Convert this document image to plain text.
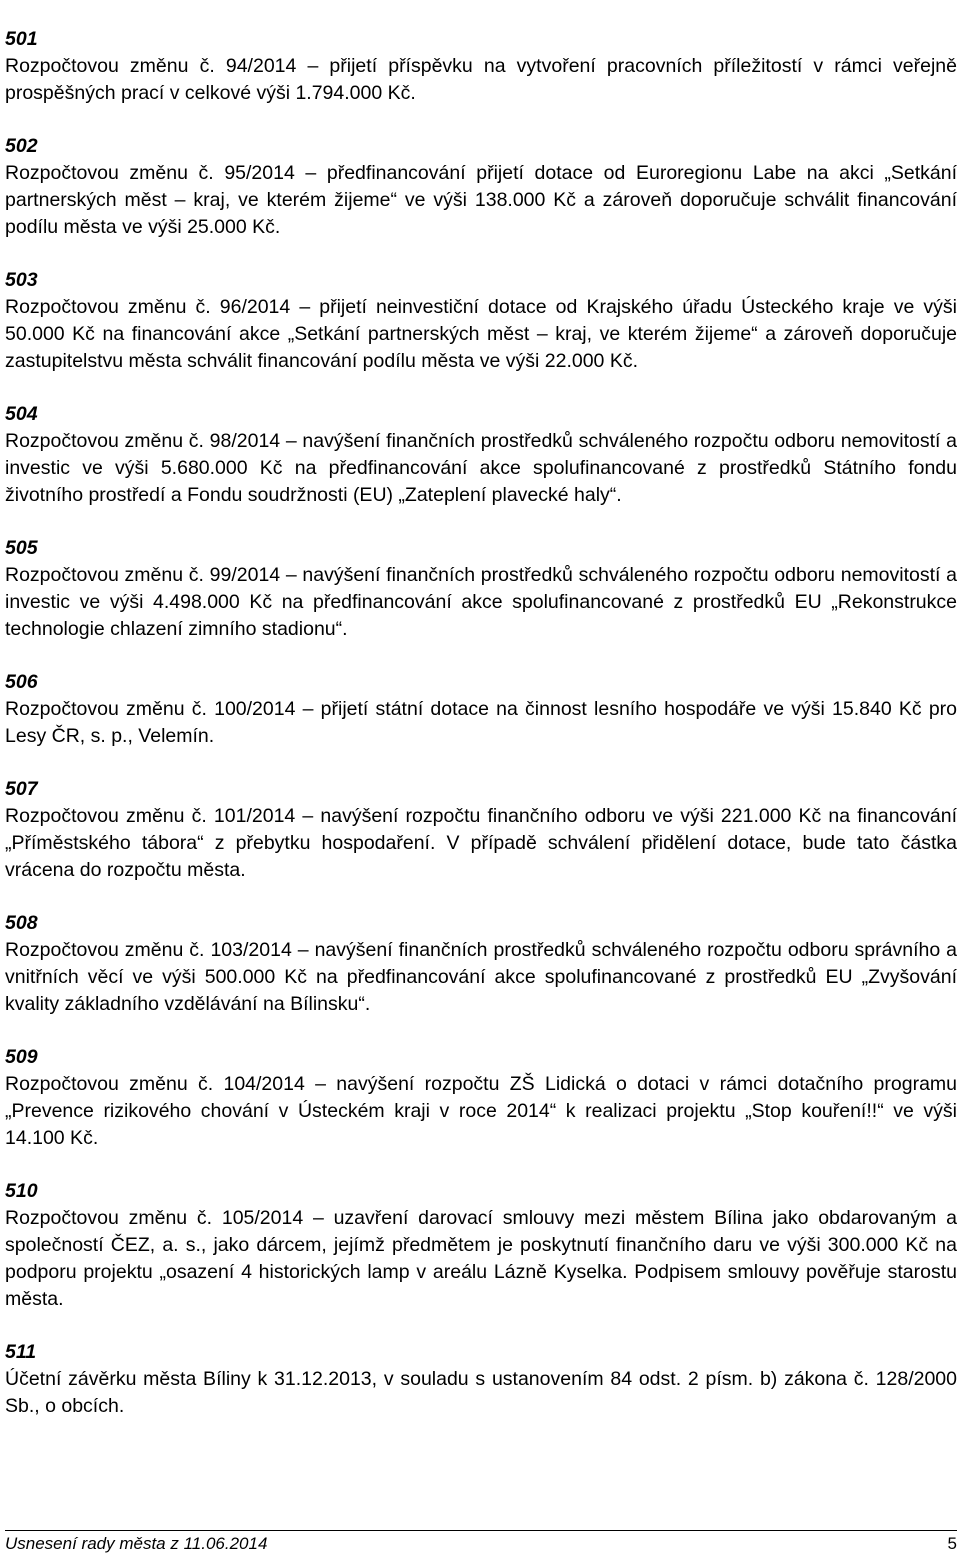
501

Rozpočtovou změnu č. 94/2014 – přijetí příspěvku na vytvoření pracovních příležitostí v rámci veřejně prospěšných prací v celkové výši 1.794.000 Kč.

502

Rozpočtovou změnu č. 95/2014 – předfinancování přijetí dotace od Euroregionu Labe na akci „Setkání partnerských měst – kraj, ve kterém žijeme“ ve výši 138.000 Kč a zároveň doporučuje schválit financování podílu města ve výši 25.000 Kč.

503

Rozpočtovou změnu č. 96/2014 – přijetí neinvestiční dotace od Krajského úřadu Ústeckého kraje ve výši 50.000 Kč na financování akce „Setkání partnerských měst – kraj, ve kterém žijeme“ a zároveň doporučuje zastupitelstvu města schválit financování podílu města ve výši 22.000 Kč.

504

Rozpočtovou změnu č. 98/2014 – navýšení finančních prostředků schváleného rozpočtu odboru nemovitostí a investic ve výši 5.680.000 Kč na předfinancování akce spolufinancované z prostředků Státního fondu životního prostředí a Fondu soudržnosti (EU) „Zateplení plavecké haly“.

505

Rozpočtovou změnu č. 99/2014 – navýšení finančních prostředků schváleného rozpočtu odboru nemovitostí a investic ve výši 4.498.000 Kč na předfinancování akce spolufinancované z prostředků EU „Rekonstrukce technologie chlazení zimního stadionu“.

506

Rozpočtovou změnu č. 100/2014 – přijetí státní dotace na činnost lesního hospodáře ve výši 15.840 Kč pro Lesy ČR, s. p., Velemín.

507

Rozpočtovou změnu č. 101/2014 – navýšení rozpočtu finančního odboru ve výši 221.000 Kč na financování „Příměstského tábora“ z přebytku hospodaření. V případě schválení přidělení dotace, bude tato částka vrácena do rozpočtu města.

508

Rozpočtovou změnu č. 103/2014 – navýšení finančních prostředků schváleného rozpočtu odboru správního a vnitřních věcí ve výši 500.000 Kč na předfinancování akce spolufinancované z prostředků EU „Zvyšování kvality základního vzdělávání na Bílinsku“.

509

Rozpočtovou změnu č. 104/2014 – navýšení rozpočtu ZŠ Lidická o dotaci v rámci dotačního programu „Prevence rizikového chování v Ústeckém kraji v roce 2014“ k realizaci projektu „Stop kouření!!“ ve výši 14.100 Kč.

510

Rozpočtovou změnu č. 105/2014 – uzavření darovací smlouvy mezi městem Bílina jako obdarovaným a společností ČEZ, a. s., jako dárcem, jejímž předmětem je poskytnutí finančního daru ve výši 300.000 Kč na podporu projektu „osazení 4 historických lamp v areálu Lázně Kyselka. Podpisem smlouvy pověřuje starostu města.

511

Účetní závěrku města Bíliny k 31.12.2013, v souladu s ustanovením 84 odst. 2 písm. b) zákona č. 128/2000 Sb., o obcích.

Usnesení rady města z 11.06.2014	5
